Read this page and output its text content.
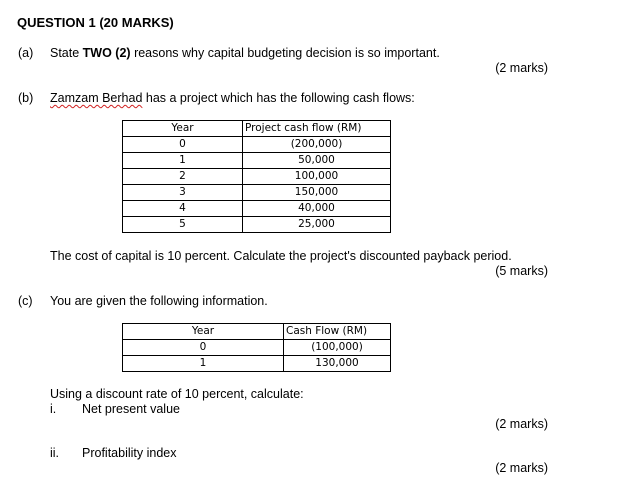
QUESTION 1 (20 MARKS)
(a) State TWO (2) reasons why capital budgeting decision is so important.
(2 marks)
(b) Zamzam Berhad has a project which has the following cash flows:
Year	Project cash flow (RM)
0	(200,000)
1	50,000
2	100,000
3	150,000
4	40,000
5	25,000
The cost of capital is 10 percent. Calculate the project's discounted payback period.
(5 marks)
(c) You are given the following information.
Year	Cash Flow (RM)
0	(100,000)
1	130,000
Using a discount rate of 10 percent, calculate:
i. Net present value
(2 marks)
ii. Profitability index
(2 marks)
